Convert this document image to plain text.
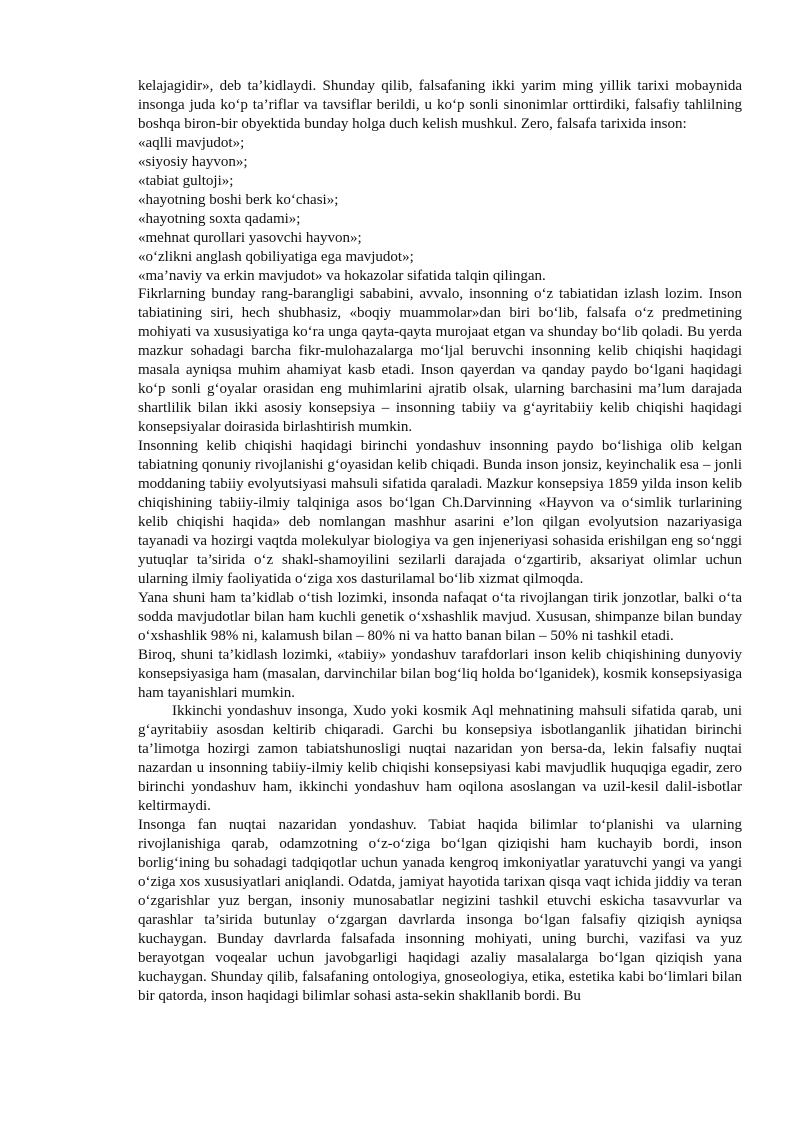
kelajagidir», deb ta’kidlaydi. Shunday qilib, falsafaning ikki yarim ming yillik tarixi mobaynida insonga juda ko‘p ta’riflar va tavsiflar berildi, u ko‘p sonli sinonimlar orttirdiki, falsafiy tahlilning boshqa biron-bir obyektida bunday holga duch kelish mushkul. Zero, falsafa tarixida inson:

«aqlli mavjudot»;
«siyosiy hayvon»;
«tabiat gultoji»;
«hayotning boshi berk ko‘chasi»;
«hayotning soxta qadami»;
«mehnat qurollari yasovchi hayvon»;
«o‘zlikni anglash qobiliyatiga ega mavjudot»;
«ma’naviy va erkin mavjudot» va hokazolar sifatida talqin qilingan.

Fikrlarning bunday rang-barangligi sababini, avvalo, insonning o‘z tabiatidan izlash lozim. Inson tabiatining siri, hech shubhasiz, «boqiy muammolar»dan biri bo‘lib, falsafa o‘z predmetining mohiyati va xususiyatiga ko‘ra unga qayta-qayta murojaat etgan va shunday bo‘lib qoladi. Bu yerda mazkur sohadagi barcha fikr-mulohazalarga mo‘ljal beruvchi insonning kelib chiqishi haqidagi masala ayniqsa muhim ahamiyat kasb etadi. Inson qayerdan va qanday paydo bo‘lgani haqidagi ko‘p sonli g‘oyalar orasidan eng muhimlarini ajratib olsak, ularning barchasini ma’lum darajada shartlilik bilan ikki asosiy konsepsiya – insonning tabiiy va g‘ayritabiiy kelib chiqishi haqidagi konsepsiyalar doirasida birlashtirish mumkin.

Insonning kelib chiqishi haqidagi birinchi yondashuv insonning paydo bo‘lishiga olib kelgan tabiatning qonuniy rivojlanishi g‘oyasidan kelib chiqadi. Bunda inson jonsiz, keyinchalik esa – jonli moddaning tabiiy evolyutsiyasi mahsuli sifatida qaraladi. Mazkur konsepsiya 1859 yilda inson kelib chiqishining tabiiy-ilmiy talqiniga asos bo‘lgan Ch.Darvinning «Hayvon va o‘simlik turlarining kelib chiqishi haqida» deb nomlangan mashhur asarini e’lon qilgan evolyutsion nazariyasiga tayanadi va hozirgi vaqtda molekulyar biologiya va gen injeneriyasi sohasida erishilgan eng so‘nggi yutuqlar ta’sirida o‘z shakl-shamoyilini sezilarli darajada o‘zgartirib, aksariyat olimlar uchun ularning ilmiy faoliyatida o‘ziga xos dasturilamal bo‘lib xizmat qilmoqda.

Yana shuni ham ta’kidlab o‘tish lozimki, insonda nafaqat o‘ta rivojlangan tirik jonzotlar, balki o‘ta sodda mavjudotlar bilan ham kuchli genetik o‘xshashlik mavjud. Xususan, shimpanze bilan bunday o‘xshashlik 98% ni, kalamush bilan – 80% ni va hatto banan bilan – 50% ni tashkil etadi.

Biroq, shuni ta’kidlash lozimki, «tabiiy» yondashuv tarafdorlari inson kelib chiqishining dunyoviy konsepsiyasiga ham (masalan, darvinchilar bilan bog‘liq holda bo‘lganidek), kosmik konsepsiyasiga ham tayanishlari mumkin.

Ikkinchi yondashuv insonga, Xudo yoki kosmik Aql mehnatining mahsuli sifatida qarab, uni g‘ayritabiiy asosdan keltirib chiqaradi. Garchi bu konsepsiya isbotlanganlik jihatidan birinchi ta’limotga hozirgi zamon tabiatshunosligi nuqtai nazaridan yon bersa-da, lekin falsafiy nuqtai nazardan u insonning tabiiy-ilmiy kelib chiqishi konsepsiyasi kabi mavjudlik huquqiga egadir, zero birinchi yondashuv ham, ikkinchi yondashuv ham oqilona asoslangan va uzil-kesil dalil-isbotlar keltirmaydi.

Insonga fan nuqtai nazaridan yondashuv. Tabiat haqida bilimlar to‘planishi va ularning rivojlanishiga qarab, odamzotning o‘z-o‘ziga bo‘lgan qiziqishi ham kuchayib bordi, inson borlig‘ining bu sohadagi tadqiqotlar uchun yanada kengroq imkoniyatlar yaratuvchi yangi va yangi o‘ziga xos xususiyatlari aniqlandi. Odatda, jamiyat hayotida tarixan qisqa vaqt ichida jiddiy va teran o‘zgarishlar yuz bergan, insoniy munosabatlar negizini tashkil etuvchi eskicha tasavvurlar va qarashlar ta’sirida butunlay o‘zgargan davrlarda insonga bo‘lgan falsafiy qiziqish ayniqsa kuchaygan. Bunday davrlarda falsafada insonning mohiyati, uning burchi, vazifasi va yuz berayotgan voqealar uchun javobgarligi haqidagi azaliy masalalarga bo‘lgan qiziqish yana kuchaygan. Shunday qilib, falsafaning ontologiya, gnoseologiya, etika, estetika kabi bo‘limlari bilan bir qatorda, inson haqidagi bilimlar sohasi asta-sekin shakllanib bordi. Bu
